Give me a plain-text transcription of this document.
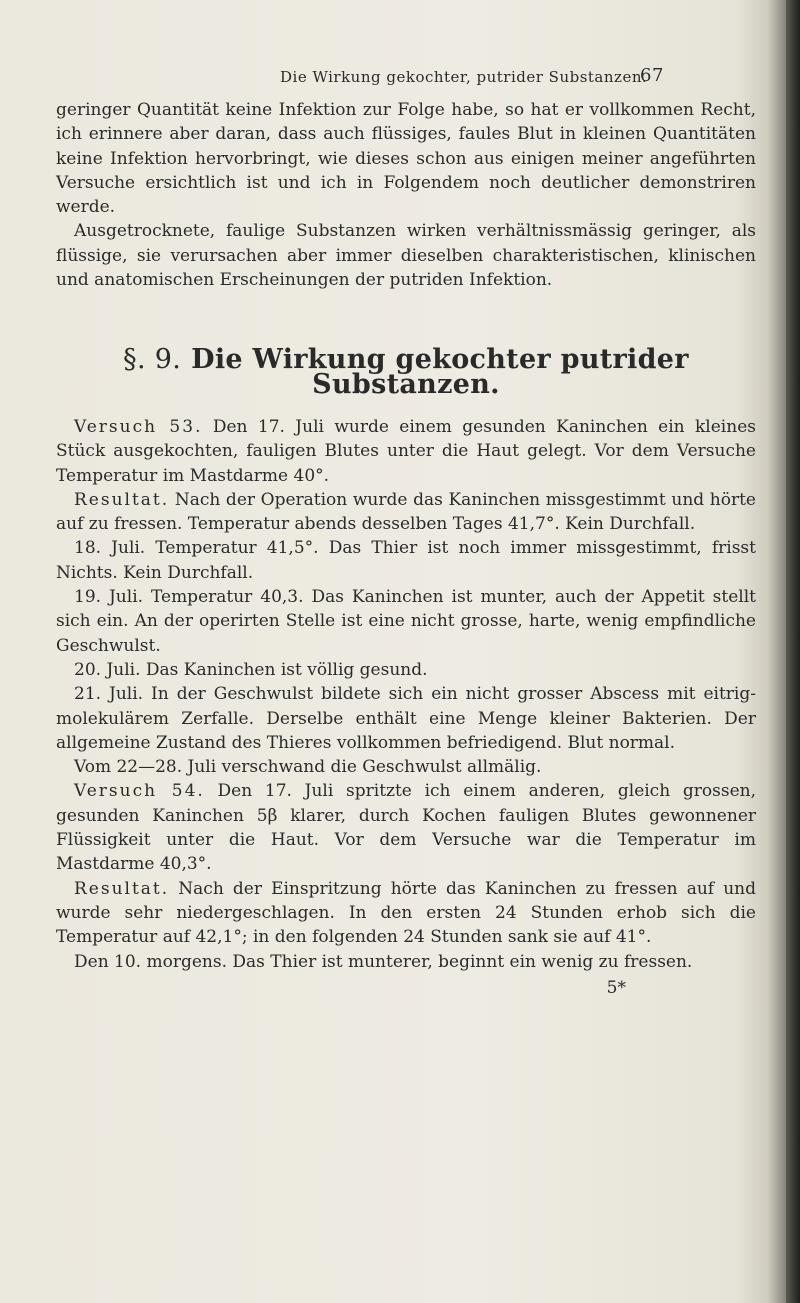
Die Wirkung gekochter, putrider Substanzen.
67

geringer Quantität keine Infektion zur Folge habe, so hat er vollkommen Recht, ich erinnere aber daran, dass auch flüssiges, faules Blut in kleinen Quantitäten keine Infektion hervorbringt, wie dieses schon aus einigen meiner angeführten Versuche ersichtlich ist und ich in Folgendem noch deutlicher demonstriren werde.

Ausgetrocknete, faulige Substanzen wirken verhältnissmässig geringer, als flüssige, sie verursachen aber immer dieselben charakteristischen, klinischen und anatomischen Erscheinungen der putriden Infektion.

§. 9. Die Wirkung gekochter putrider Substanzen.

Versuch 53. Den 17. Juli wurde einem gesunden Kaninchen ein kleines Stück ausgekochten, fauligen Blutes unter die Haut gelegt. Vor dem Versuche Temperatur im Mastdarme 40°.

Resultat. Nach der Operation wurde das Kaninchen missgestimmt und hörte auf zu fressen. Temperatur abends desselben Tages 41,7°. Kein Durchfall.

18. Juli. Temperatur 41,5°. Das Thier ist noch immer missgestimmt, frisst Nichts. Kein Durchfall.

19. Juli. Temperatur 40,3. Das Kaninchen ist munter, auch der Appetit stellt sich ein. An der operirten Stelle ist eine nicht grosse, harte, wenig empfindliche Geschwulst.

20. Juli. Das Kaninchen ist völlig gesund.

21. Juli. In der Geschwulst bildete sich ein nicht grosser Abscess mit eitrig-molekulärem Zerfalle. Derselbe enthält eine Menge kleiner Bakterien. Der allgemeine Zustand des Thieres vollkommen befriedigend. Blut normal.

Vom 22—28. Juli verschwand die Geschwulst allmälig.

Versuch 54. Den 17. Juli spritzte ich einem anderen, gleich grossen, gesunden Kaninchen 5β klarer, durch Kochen fauligen Blutes gewonnener Flüssigkeit unter die Haut. Vor dem Versuche war die Temperatur im Mastdarme 40,3°.

Resultat. Nach der Einspritzung hörte das Kaninchen zu fressen auf und wurde sehr niedergeschlagen. In den ersten 24 Stunden erhob sich die Temperatur auf 42,1°; in den folgenden 24 Stunden sank sie auf 41°.

Den 10. morgens. Das Thier ist munterer, beginnt ein wenig zu fressen.

5*
